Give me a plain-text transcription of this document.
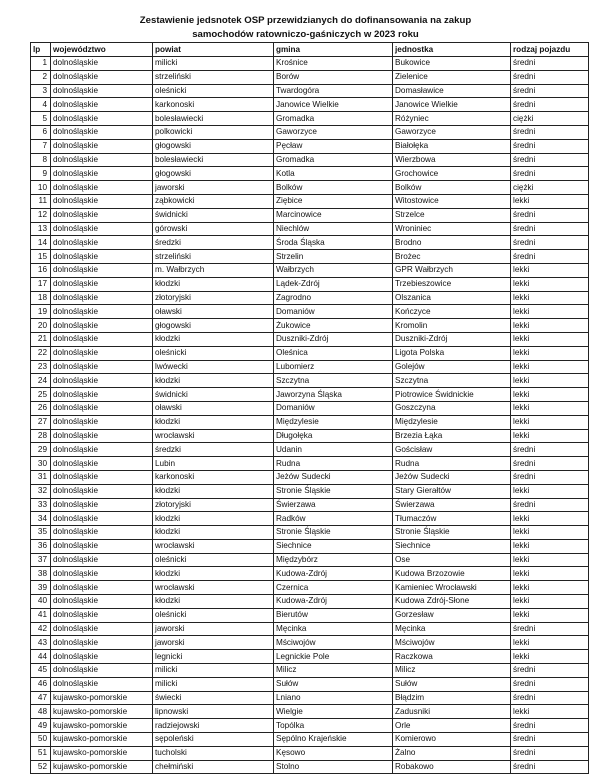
Zestawienie jedsnotek OSP przewidzianych do dofinansowania na zakup
samochodów ratowniczo-gaśniczych w 2023 roku
lp	województwo	powiat	gmina	jednostka	rodzaj pojazdu
1	dolnośląskie	milicki	Krośnice	Bukowice	średni
2	dolnośląskie	strzeliński	Borów	Zielenice	średni
3	dolnośląskie	oleśnicki	Twardogóra	Domasławice	średni
4	dolnośląskie	karkonoski	Janowice Wielkie	Janowice Wielkie	średni
5	dolnośląskie	bolesławiecki	Gromadka	Różyniec	ciężki
6	dolnośląskie	polkowicki	Gaworzyce	Gaworzyce	średni
7	dolnośląskie	głogowski	Pęcław	Białołęka	średni
8	dolnośląskie	bolesławiecki	Gromadka	Wierzbowa	średni
9	dolnośląskie	głogowski	Kotla	Grochowice	średni
10	dolnośląskie	jaworski	Bolków	Bolków	ciężki
11	dolnośląskie	ząbkowicki	Ziębice	Witostowice	lekki
12	dolnośląskie	świdnicki	Marcinowice	Strzelce	średni
13	dolnośląskie	górowski	Niechlów	Wroniniec	średni
14	dolnośląskie	średzki	Środa Śląska	Brodno	średni
15	dolnośląskie	strzeliński	Strzelin	Brożec	średni
16	dolnośląskie	m. Wałbrzych	Wałbrzych	GPR Wałbrzych	lekki
17	dolnośląskie	kłodzki	Lądek-Zdrój	Trzebieszowice	lekki
18	dolnośląskie	złotoryjski	Zagrodno	Olszanica	lekki
19	dolnośląskie	oławski	Domaniów	Kończyce	lekki
20	dolnośląskie	głogowski	Żukowice	Kromolin	lekki
21	dolnośląskie	kłodzki	Duszniki-Zdrój	Duszniki-Zdrój	lekki
22	dolnośląskie	oleśnicki	Oleśnica	Ligota Polska	lekki
23	dolnośląskie	lwówecki	Lubomierz	Golejów	lekki
24	dolnośląskie	kłodzki	Szczytna	Szczytna	lekki
25	dolnośląskie	świdnicki	Jaworzyna Śląska	Piotrowice Świdnickie	lekki
26	dolnośląskie	oławski	Domaniów	Goszczyna	lekki
27	dolnośląskie	kłodzki	Międzylesie	Międzylesie	lekki
28	dolnośląskie	wrocławski	Długołęka	Brzezia Łąka	lekki
29	dolnośląskie	średzki	Udanin	Gościsław	średni
30	dolnośląskie	Lubin	Rudna	Rudna	średni
31	dolnośląskie	karkonoski	Jeżów Sudecki	Jeżów Sudecki	średni
32	dolnośląskie	kłodzki	Stronie Śląskie	Stary Gierałtów	lekki
33	dolnośląskie	złotoryjski	Świerzawa	Świerzawa	średni
34	dolnośląskie	kłodzki	Radków	Tłumaczów	lekki
35	dolnośląskie	kłodzki	Stronie Śląskie	Stronie Śląskie	lekki
36	dolnośląskie	wrocławski	Siechnice	Siechnice	lekki
37	dolnośląskie	oleśnicki	Międzybórz	Ose	lekki
38	dolnośląskie	kłodzki	Kudowa-Zdrój	Kudowa Brzozowie	lekki
39	dolnośląskie	wrocławski	Czernica	Kamieniec Wrocławski	lekki
40	dolnośląskie	kłodzki	Kudowa-Zdrój	Kudowa Zdrój-Słone	lekki
41	dolnośląskie	oleśnicki	Bierutów	Gorzesław	lekki
42	dolnośląskie	jaworski	Męcinka	Męcinka	średni
43	dolnośląskie	jaworski	Mściwojów	Mściwojów	lekki
44	dolnośląskie	legnicki	Legnickie Pole	Raczkowa	lekki
45	dolnośląskie	milicki	Milicz	Milicz	średni
46	dolnośląskie	milicki	Sułów	Sułów	średni
47	kujawsko-pomorskie	świecki	Lniano	Błądzim	średni
48	kujawsko-pomorskie	lipnowski	Wielgie	Zadusniki	lekki
49	kujawsko-pomorskie	radziejowski	Topólka	Orle	średni
50	kujawsko-pomorskie	sępoleński	Sępólno Krajeńskie	Komierowo	średni
51	kujawsko-pomorskie	tucholski	Kęsowo	Żalno	średni
52	kujawsko-pomorskie	chełmiński	Stolno	Robakowo	średni
